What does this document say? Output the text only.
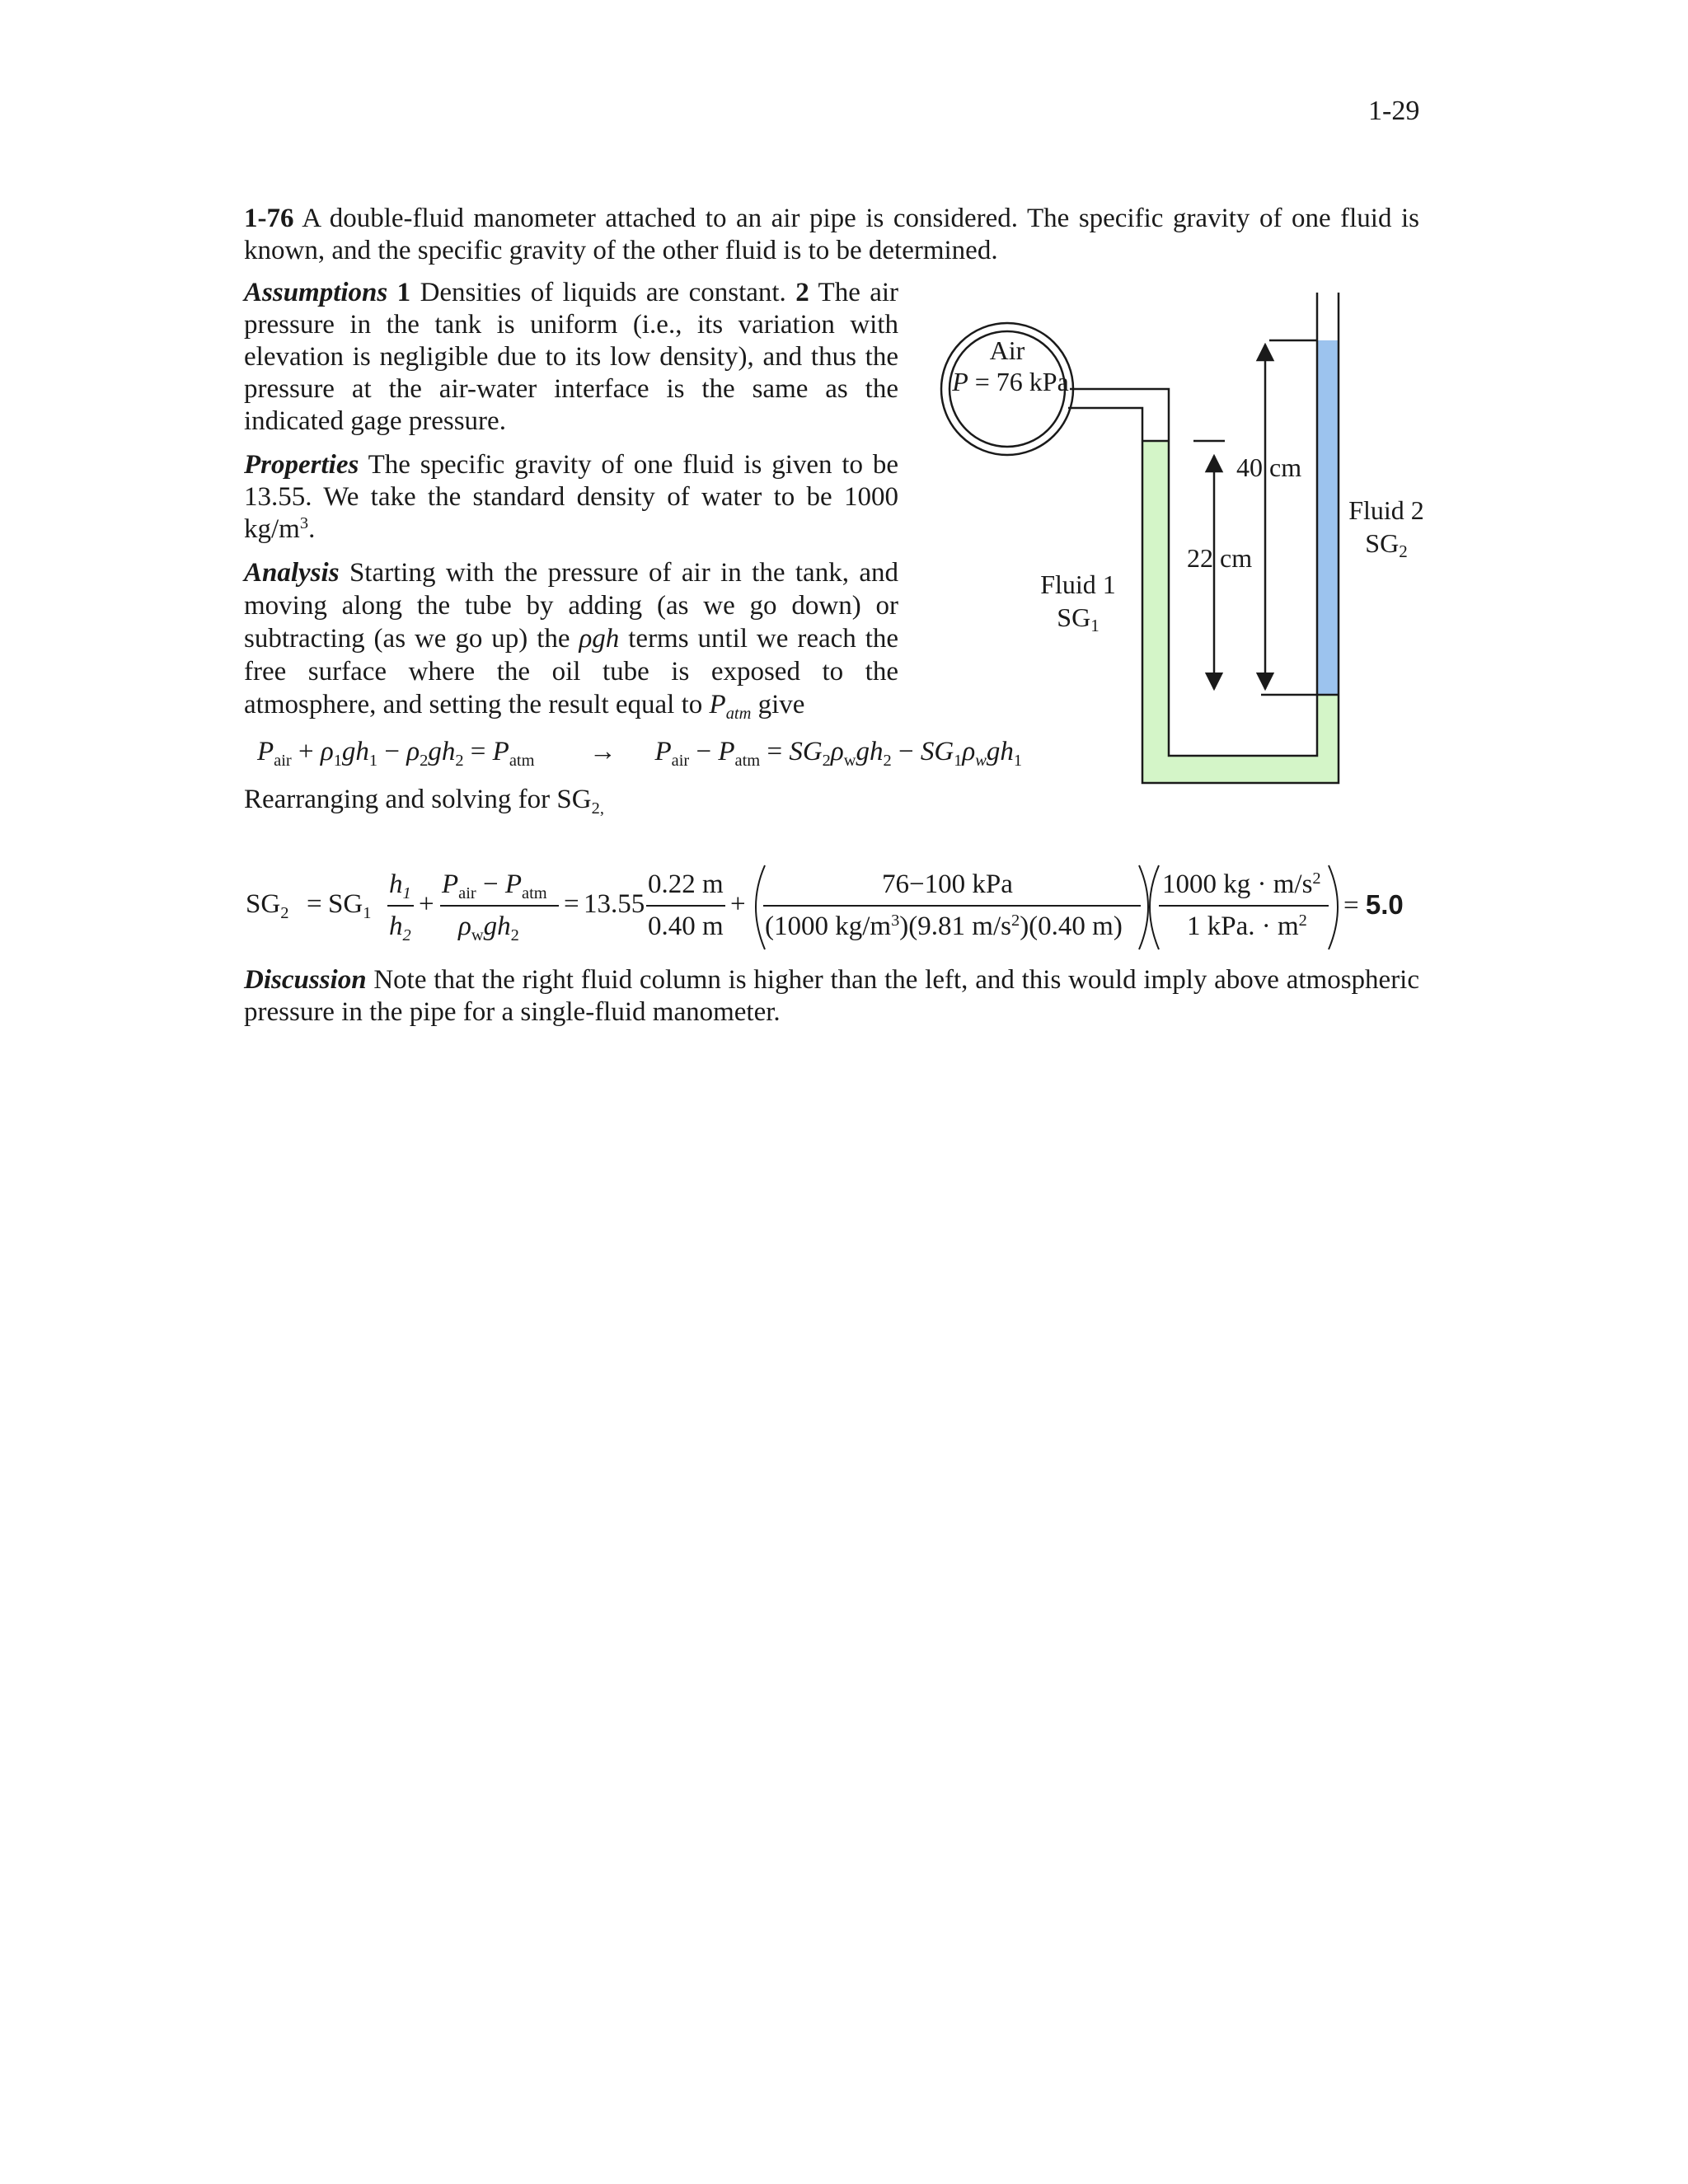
1-29
1-76 A double-fluid manometer attached to an air pipe is considered. The specific gravity of one fluid is known, and the specific gravity of the other fluid is to be determined.
Assumptions 1 Densities of liquids are constant. 2 The air pressure in the tank is uniform (i.e., its variation with elevation is negligible due to its low density), and thus the pressure at the air-water interface is the same as the indicated gage pressure.
Properties The specific gravity of one fluid is given to be 13.55. We take the standard density of water to be 1000 $kg/m^3$.
Analysis Starting with the pressure of air in the tank, and moving along the tube by adding (as we go down) or subtracting (as we go up) the ρgh terms until we reach the free surface where the oil tube is exposed to the atmosphere, and setting the result equal to $P_{atm}$ give
$P_{air} + \rho_1gh_1 - \rho_2gh_2 = P_{atm} \to P_{air} - P_{atm} = SG_2\rho_wgh_2 - SG_1\rho_wgh_1$
Rearranging and solving for $SG_{2,}$
$SG_2 = SG_1$
$h_1$
$h_2$
+
$P_{air} - P_{atm}$
$\rho_wgh_2$
= 13.55
0.22 m
0.40 m
+
76−100 kPa
(1000 $kg/m^3)(9.81$ $m/s^2)(0.40$ m)
1000 kg · $m/s^2$
1 kPa. · $m^2 = 5.0$
Discussion Note that the right fluid column is higher than the left, and this would imply above atmospheric pressure in the pipe for a single-fluid manometer.
Air
P = 76 kPa
Fluid 1
SG1
Fluid 2
SG2
22 cm
40 cm
